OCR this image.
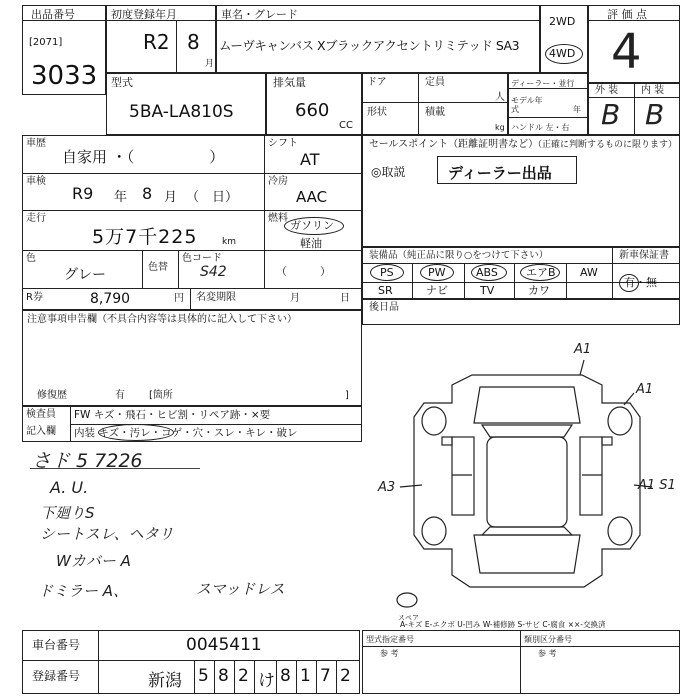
出品番号
[2071]
3033
初度登録年月
R2 8
月
車名・グレード
ムーヴキャンバス Xブラックアクセントリミテッド SA3
2WD
4WD
評 価 点
4
型式
5BA-LA810S
排気量
660
CC
ドア	定員
人
形状	積載
kg
ディーラー・並行
モデル年式	年
ハンドル 左・右
外 装 内 装
B B
車歴
自家用 ・（　　　　　）
シフト
AT
車検
R9 年 8 月 （　日）
冷房
AAC
走行
5万7千225	km
燃料
ガソリン
軽油
色
グレー	色替
色コード
S42	（　　　）
R券	8,790	円 名変期限	月	日
セールスポイント（距離証明書など）
（正確に判断するものに限ります）
◎取説	ディーラー出品
装備品（純正品に限り○をつけて下さい）	新車保証書
PS	PW	ABS	エアB AW
SR	ナビ	TV	カワ
有・無
注意事項申告欄（不具合内容等は具体的に記入して下さい）
修復歴	有 [箇所	]
後日品
検査員
記入欄
FW キズ・飛石・ヒビ割・リペア跡・×要
内装 キズ・汚レ・コゲ・穴・スレ・キレ・破レ
さド 5 7226
A. U.
下廻りS
シートスレ、ヘタリ
Wカバー A
ドミラー A、	スマッドレス
A1
A1
A3	A1 S1
スペア
A-キズ E-エクボ U-凹み W-補修跡 S-サビ C-腐食 ××-交換済
車台番号	0045411
登録番号	新潟 5 8 2 け 8 1 7 2
型式指定番号
参 考
類別区分番号
参 考
